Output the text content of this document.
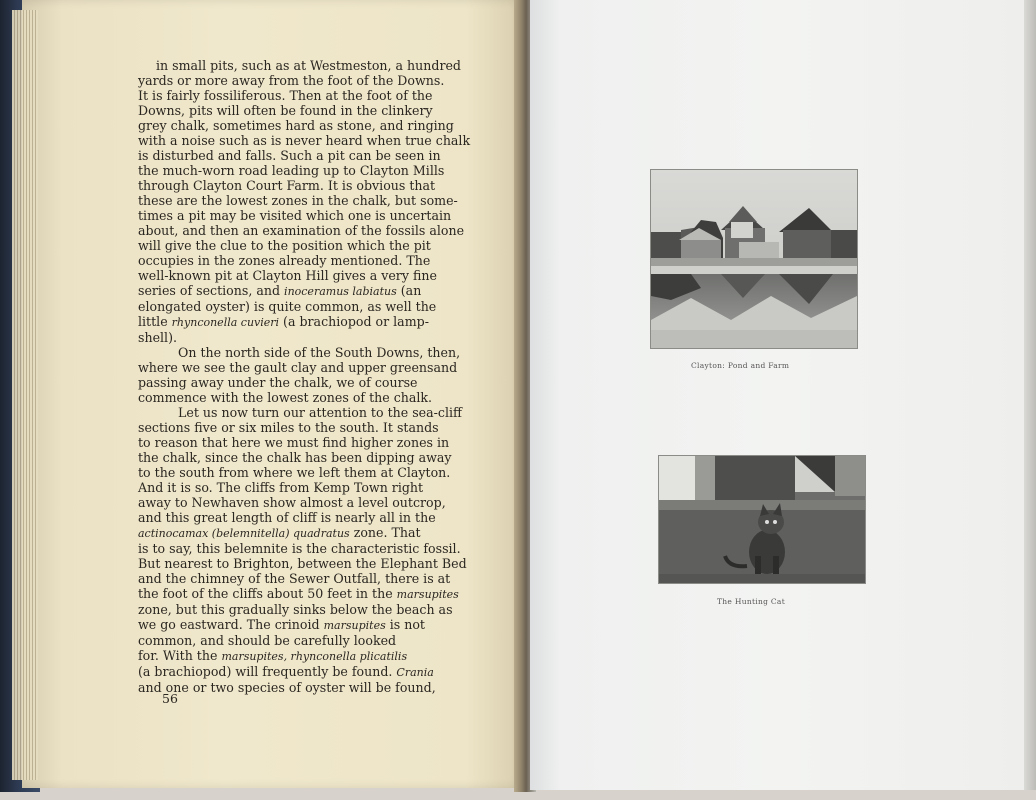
in small pits, such as at Westmeston, a hundred
yards or more away from the foot of the Downs.
It is fairly fossiliferous. Then at the foot of the
Downs, pits will often be found in the clinkery
grey chalk, sometimes hard as stone, and ringing
with a noise such as is never heard when true chalk
is disturbed and falls. Such a pit can be seen in
the much-worn road leading up to Clayton Mills
through Clayton Court Farm. It is obvious that
these are the lowest zones in the chalk, but some-
times a pit may be visited which one is uncertain
about, and then an examination of the fossils alone
will give the clue to the position which the pit
occupies in the zones already mentioned. The
well-known pit at Clayton Hill gives a very fine
series of sections, and inoceramus labiatus (an
elongated oyster) is quite common, as well the
little rhynconella cuvieri (a brachiopod or lamp-
shell).
On the north side of the South Downs, then,
where we see the gault clay and upper greensand
passing away under the chalk, we of course
commence with the lowest zones of the chalk.
Let us now turn our attention to the sea-cliff
sections five or six miles to the south. It stands
to reason that here we must find higher zones in
the chalk, since the chalk has been dipping away
to the south from where we left them at Clayton.
And it is so. The cliffs from Kemp Town right
away to Newhaven show almost a level outcrop,
and this great length of cliff is nearly all in the
actinocamax (belemnitella) quadratus zone. That
is to say, this belemnite is the characteristic fossil.
But nearest to Brighton, between the Elephant Bed
and the chimney of the Sewer Outfall, there is at
the foot of the cliffs about 50 feet in the marsupites
zone, but this gradually sinks below the beach as
we go eastward. The crinoid marsupites is not
common, and should be carefully looked
for. With the marsupites, rhynconella plicatilis
(a brachiopod) will frequently be found. Crania
and one or two species of oyster will be found,
56
Clayton: Pond and Farm
The Hunting Cat
